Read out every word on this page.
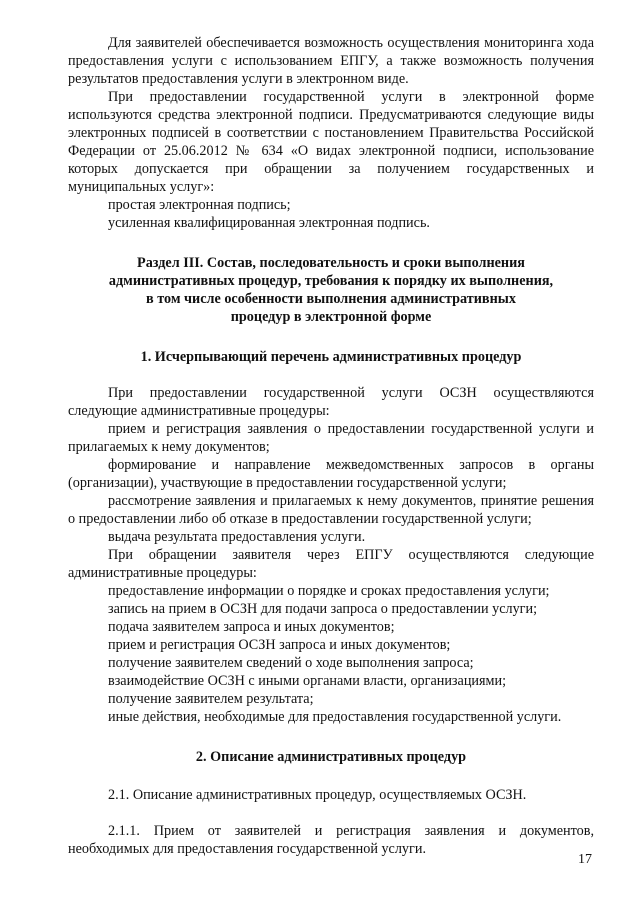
Для заявителей обеспечивается возможность осуществления мониторинга хода предоставления услуги с использованием ЕПГУ, а также возможность получения результатов предоставления услуги в электронном виде.

При предоставлении государственной услуги в электронной форме используются средства электронной подписи. Предусматриваются следующие виды электронных подписей в соответствии с постановлением Правительства Российской Федерации от 25.06.2012 № 634 «О видах электронной подписи, использование которых допускается при обращении за получением государственных и муниципальных услуг»:

простая электронная подпись;

усиленная квалифицированная электронная подпись.

Раздел III. Состав, последовательность и сроки выполнения

административных процедур, требования к порядку их выполнения,

в том числе особенности выполнения административных

процедур в электронной форме

1. Исчерпывающий перечень административных процедур

При предоставлении государственной услуги ОСЗН осуществляются следующие административные процедуры:

прием и регистрация заявления о предоставлении государственной услуги и прилагаемых к нему документов;

формирование и направление межведомственных запросов в органы (организации), участвующие в предоставлении государственной услуги;

рассмотрение заявления и прилагаемых к нему документов, принятие решения о предоставлении либо об отказе в предоставлении государственной услуги;

выдача результата предоставления услуги.

При обращении заявителя через ЕПГУ осуществляются следующие административные процедуры:

предоставление информации о порядке и сроках предоставления услуги;

запись на прием в ОСЗН для подачи запроса о предоставлении услуги;

подача заявителем запроса и иных документов;

прием и регистрация ОСЗН запроса и иных документов;

получение заявителем сведений о ходе выполнения запроса;

взаимодействие ОСЗН с иными органами власти, организациями;

получение заявителем результата;

иные действия, необходимые для предоставления государственной услуги.

2. Описание административных процедур

2.1. Описание административных процедур, осуществляемых ОСЗН.

2.1.1. Прием от заявителей и регистрация заявления и документов, необходимых для предоставления государственной услуги.

17
